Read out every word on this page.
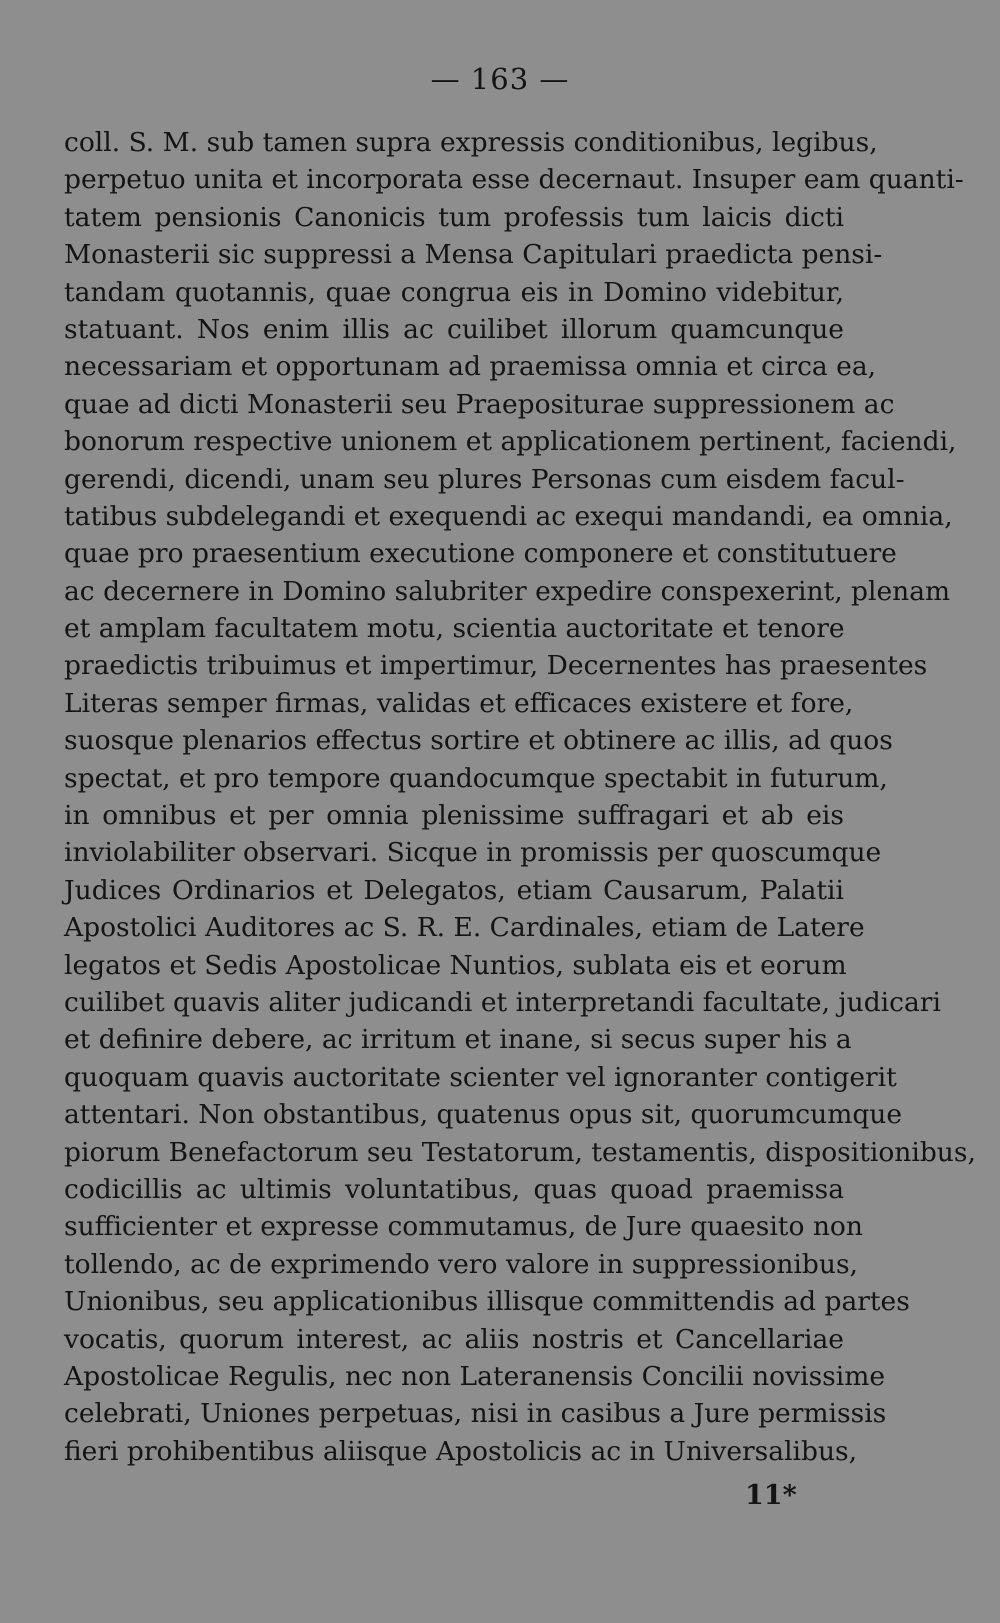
— 163 —
coll. S. M. sub tamen supra expressis conditionibus, legibus,
perpetuo unita et incorporata esse decernaut. Insuper eam quanti-
tatem pensionis Canonicis tum professis tum laicis dicti
Monasterii sic suppressi a Mensa Capitulari praedicta pensi-
tandam quotannis, quae congrua eis in Domino videbitur,
statuant. Nos enim illis ac cuilibet illorum quamcunque
necessariam et opportunam ad praemissa omnia et circa ea,
quae ad dicti Monasterii seu Praeposituraе suppressionem ac
bonorum respective unionem et applicationem pertinent, faciendi,
gerendi, dicendi, unam seu plures Personas cum eisdem facul-
tatibus subdelegandi et exequendi ac exequi mandandi, ea omnia,
quae pro praesentium executione componere et constitutuere
ac decernere in Domino salubriter expedire conspexerint, plenam
et amplam facultatem motu, scientia auctoritate et tenore
praedictis tribuimus et impertimur, Decernentes has praesentes
Literas semper firmas, validas et efficaces existere et fore,
suosque plenarios effectus sortire et obtinere ac illis, ad quos
spectat, et pro tempore quandocumque spectabit in futurum,
in omnibus et per omnia plenissime suffragari et ab eis
inviolabiliter observari. Sicque in promissis per quoscumque
Judices Ordinarios et Delegatos, etiam Causarum, Palatii
Apostolici Auditores ac S. R. E. Cardinales, etiam de Latere
legatos et Sedis Apostolicae Nuntios, sublata eis et eorum
cuilibet quavis aliter judicandi et interpretandi facultate, judicari
et definire debere, ac irritum et inane, si secus super his a
quoquam quavis auctoritate scienter vel ignoranter contigerit
attentari. Non obstantibus, quatenus opus sit, quorumcumque
piorum Benefactorum seu Testatorum, testamentis, dispositionibus,
codicillis ac ultimis voluntatibus, quas quoad praemissa
sufficienter et expresse commutamus, de Jure quaesito non
tollendo, ac de exprimendo vero valore in suppressionibus,
Unionibus, seu applicationibus illisque committendis ad partes
vocatis, quorum interest, ac aliis nostris et Cancellariae
Apostolicae Regulis, nec non Lateranensis Concilii novissime
celebrati, Uniones perpetuas, nisi in casibus a Jure permissis
fieri prohibentibus aliisque Apostolicis ac in Universalibus,
11*
